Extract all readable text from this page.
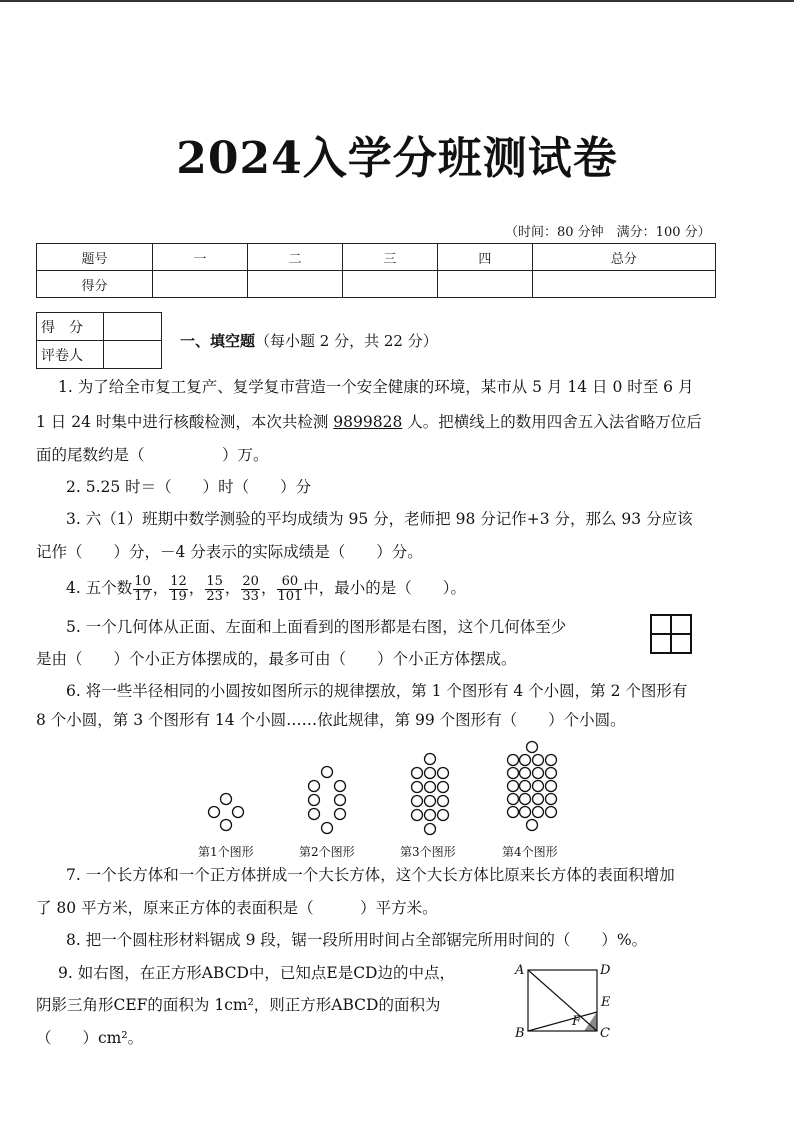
2024入学分班测试卷
（时间：80 分钟　满分：100 分）
题号	一	二	三	四	总分
得分					
得　分	
评卷人	
一、填空题（每小题 2 分，共 22 分）
1. 为了给全市复工复产、复学复市营造一个安全健康的环境，某市从 5 月 14 日 0 时至 6 月
1 日 24 时集中进行核酸检测，本次共检测 9899828 人。把横线上的数用四舍五入法省略万位后
面的尾数约是（　　　　　）万。
2. 5.25 时＝（　　）时（　　）分
3. 六（1）班期中数学测验的平均成绩为 95 分，老师把 98 分记作+3 分，那么 93 分应该
记作（　　）分，－4 分表示的实际成绩是（　　）分。
4. 五个数 $\frac{10}{17}$ ， $\frac{12}{19}$ ， $\frac{15}{23}$ ， $\frac{20}{33}$ ， $\frac{60}{101}$ 中，最小的是（　　）。
5. 一个几何体从正面、左面和上面看到的图形都是右图，这个几何体至少
是由（　　）个小正方体摆成的，最多可由（　　）个小正方体摆成。
6. 将一些半径相同的小圆按如图所示的规律摆放，第 1 个图形有 4 个小圆，第 2 个图形有
8 个小圆，第 3 个图形有 14 个小圆……依此规律，第 99 个图形有（　　）个小圆。
第1个图形	第2个图形	第3个图形	第4个图形
7. 一个长方体和一个正方体拼成一个大长方体，这个大长方体比原来长方体的表面积增加
了 80 平方米，原来正方体的表面积是（　　　）平方米。
8. 把一个圆柱形材料锯成 9 段，锯一段所用时间占全部锯完所用时间的（　　）%。
9. 如右图，在正方形ABCD中，已知点E是CD边的中点，
阴影三角形CEF的面积为 1cm²，则正方形ABCD的面积为
（　　）cm²。
A	D
E
F
B	C
